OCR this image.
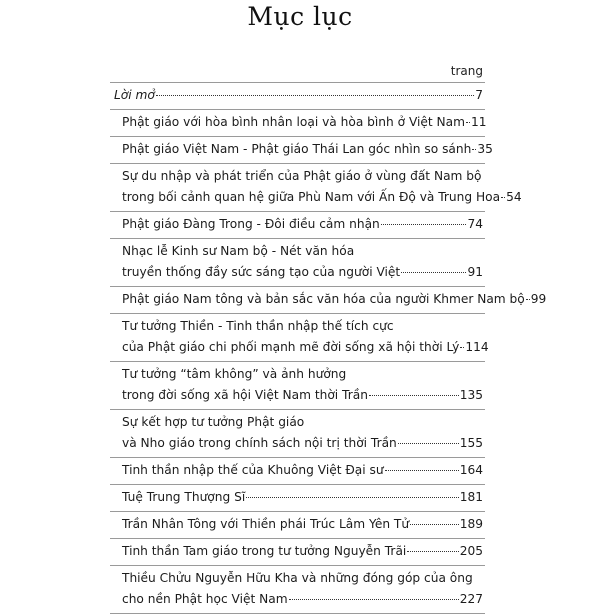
Mục lục
trang
Lời mở	7
Phật giáo với hòa bình nhân loại và hòa bình ở Việt Nam 11
Phật giáo Việt Nam - Phật giáo Thái Lan góc nhìn so sánh 35
Sự du nhập và phát triển của Phật giáo ở vùng đất Nam bộ
trong bối cảnh quan hệ giữa Phù Nam với Ấn Độ và Trung Hoa 54
Phật giáo Đàng Trong - Đôi điều cảm nhận	74
Nhạc lễ Kinh sư Nam bộ - Nét văn hóa
truyền thống đầy sức sáng tạo của người Việt	91
Phật giáo Nam tông và bản sắc văn hóa của người Khmer Nam bộ 99
Tư tưởng Thiền - Tinh thần nhập thế tích cực
của Phật giáo chi phối mạnh mẽ đời sống xã hội thời Lý 114
Tư tưởng “tâm không” và ảnh hưởng
trong đời sống xã hội Việt Nam thời Trần	135
Sự kết hợp tư tưởng Phật giáo
và Nho giáo trong chính sách nội trị thời Trần	155
Tinh thần nhập thế của Khuông Việt Đại sư	164
Tuệ Trung Thượng Sĩ	181
Trần Nhân Tông với Thiền phái Trúc Lâm Yên Tử	189
Tinh thần Tam giáo trong tư tưởng Nguyễn Trãi	205
Thiều Chửu Nguyễn Hữu Kha và những đóng góp của ông
cho nền Phật học Việt Nam	227
